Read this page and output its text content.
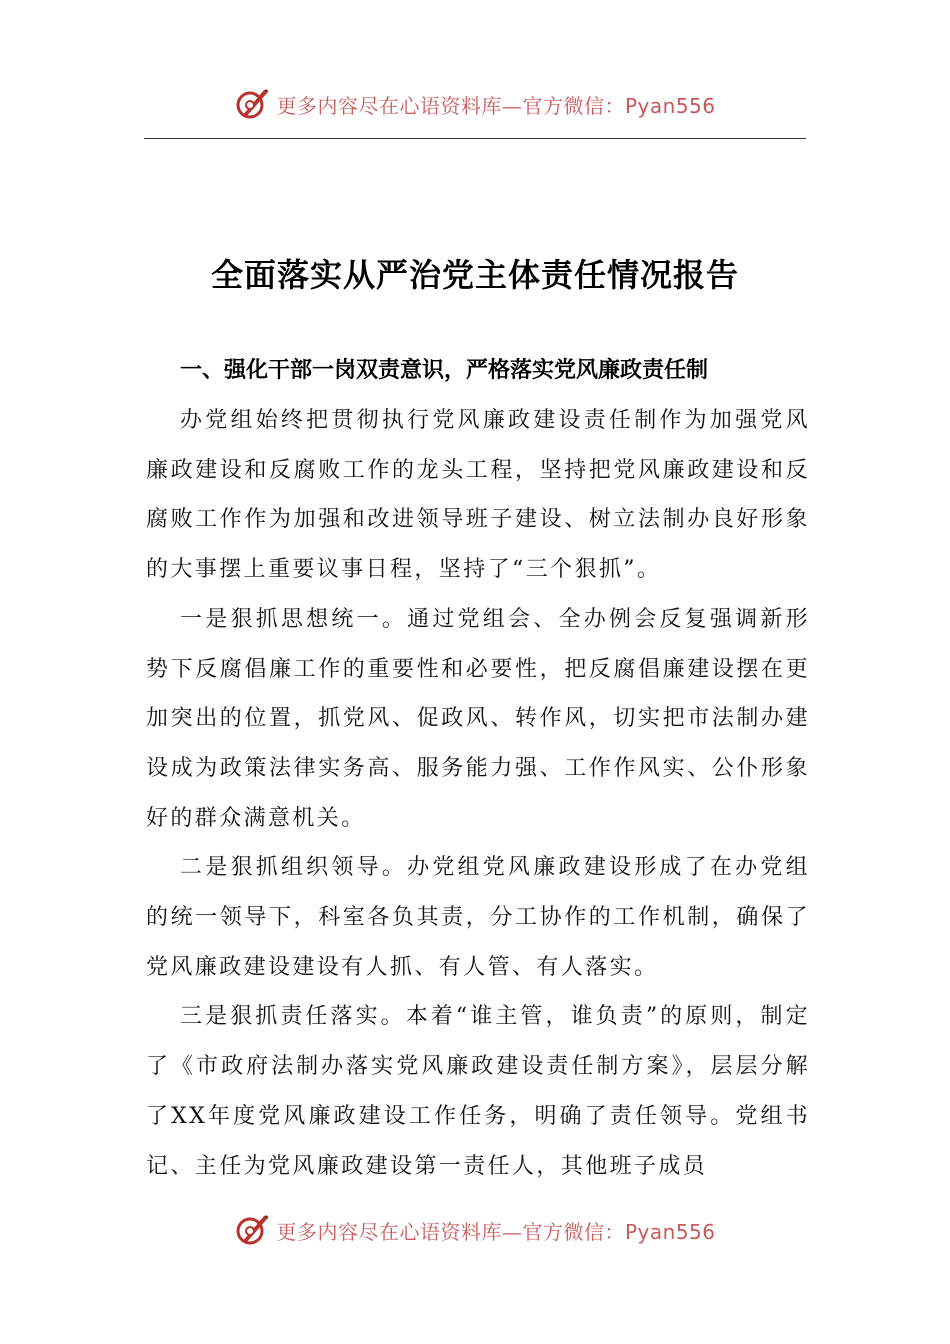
更多内容尽在心语资料库—官方微信：Pyan556
全面落实从严治党主体责任情况报告

一、强化干部一岗双责意识，严格落实党风廉政责任制

办党组始终把贯彻执行党风廉政建设责任制作为加强党风廉政建设和反腐败工作的龙头工程，坚持把党风廉政建设和反腐败工作作为加强和改进领导班子建设、树立法制办良好形象的大事摆上重要议事日程，坚持了“三个狠抓”。

一是狠抓思想统一。通过党组会、全办例会反复强调新形势下反腐倡廉工作的重要性和必要性，把反腐倡廉建设摆在更加突出的位置，抓党风、促政风、转作风，切实把市法制办建设成为政策法律实务高、服务能力强、工作作风实、公仆形象好的群众满意机关。

二是狠抓组织领导。办党组党风廉政建设形成了在办党组的统一领导下，科室各负其责，分工协作的工作机制，确保了党风廉政建设建设有人抓、有人管、有人落实。

三是狠抓责任落实。本着“谁主管，谁负责”的原则，制定了《市政府法制办落实党风廉政建设责任制方案》，层层分解了XX年度党风廉政建设工作任务，明确了责任领导。党组书记、主任为党风廉政建设第一责任人，其他班子成员

更多内容尽在心语资料库—官方微信：Pyan556
